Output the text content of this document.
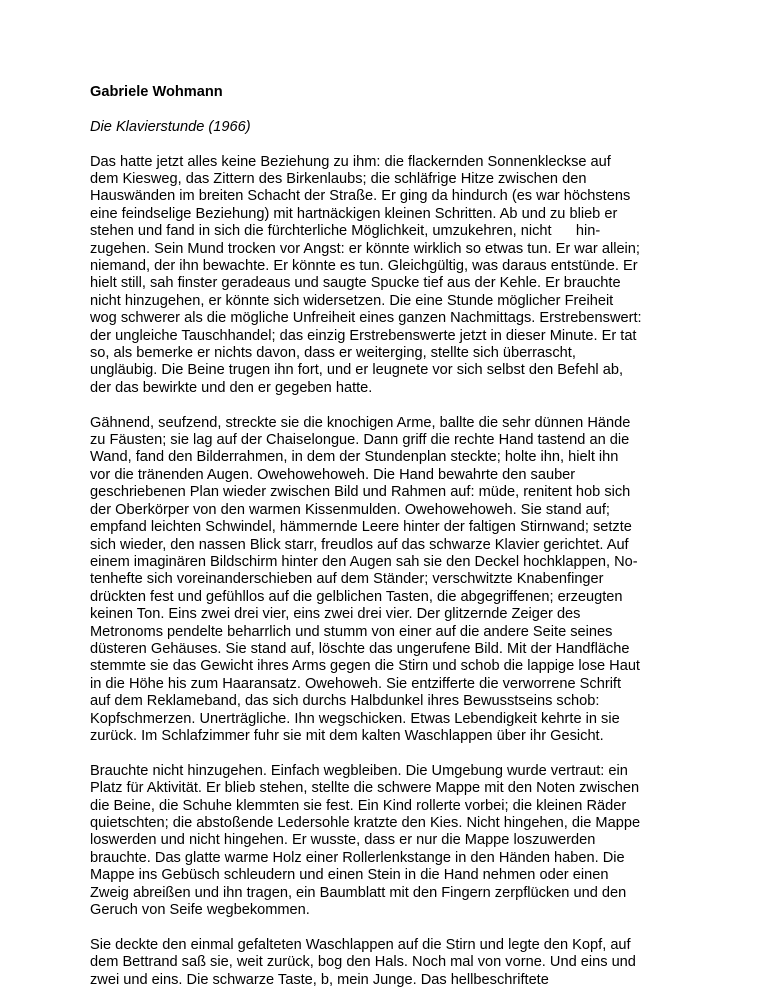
Gabriele Wohmann
Die Klavierstunde (1966)
Das hatte jetzt alles keine Beziehung zu ihm: die flackernden Sonnenkleckse auf
dem Kiesweg, das Zittern des Birkenlaubs; die schläfrige Hitze zwischen den
Hauswänden im breiten Schacht der Straße. Er ging da hindurch (es war höchstens
eine feindselige Beziehung) mit hartnäckigen kleinen Schritten. Ab und zu blieb er
stehen und fand in sich die fürchterliche Möglichkeit, umzukehren, nicht      hin-
zugehen. Sein Mund trocken vor Angst: er könnte wirklich so etwas tun. Er war allein;
niemand, der ihn bewachte. Er könnte es tun. Gleichgültig, was daraus entstünde. Er
hielt still, sah finster geradeaus und saugte Spucke tief aus der Kehle. Er brauchte
nicht hinzugehen, er könnte sich widersetzen. Die eine Stunde möglicher Freiheit
wog schwerer als die mögliche Unfreiheit eines ganzen Nachmittags. Erstrebenswert:
der ungleiche Tauschhandel; das einzig Erstrebenswerte jetzt in dieser Minute. Er tat
so, als bemerke er nichts davon, dass er weiterging, stellte sich überrascht,
ungläubig. Die Beine trugen ihn fort, und er leugnete vor sich selbst den Befehl ab,
der das bewirkte und den er gegeben hatte.
Gähnend, seufzend, streckte sie die knochigen Arme, ballte die sehr dünnen Hände
zu Fäusten; sie lag auf der Chaiselongue. Dann griff die rechte Hand tastend an die
Wand, fand den Bilderrahmen, in dem der Stundenplan steckte; holte ihn, hielt ihn
vor die tränenden Augen. Owehowehoweh. Die Hand bewahrte den sauber
geschriebenen Plan wieder zwischen Bild und Rahmen auf: müde, renitent hob sich
der Oberkörper von den warmen Kissenmulden. Owehowehoweh. Sie stand auf;
empfand leichten Schwindel, hämmernde Leere hinter der faltigen Stirnwand; setzte
sich wieder, den nassen Blick starr, freudlos auf das schwarze Klavier gerichtet. Auf
einem imaginären Bildschirm hinter den Augen sah sie den Deckel hochklappen, No-
tenhefte sich voreinanderschieben auf dem Ständer; verschwitzte Knabenfinger
drückten fest und gefühllos auf die gelblichen Tasten, die abgegriffenen; erzeugten
keinen Ton. Eins zwei drei vier, eins zwei drei vier. Der glitzernde Zeiger des
Metronoms pendelte beharrlich und stumm von einer auf die andere Seite seines
düsteren Gehäuses. Sie stand auf, löschte das ungerufene Bild. Mit der Handfläche
stemmte sie das Gewicht ihres Arms gegen die Stirn und schob die lappige lose Haut
in die Höhe his zum Haaransatz. Owehoweh. Sie entzifferte die verworrene Schrift
auf dem Reklameband, das sich durchs Halbdunkel ihres Bewusstseins schob:
Kopfschmerzen. Unerträgliche. Ihn wegschicken. Etwas Lebendigkeit kehrte in sie
zurück. Im Schlafzimmer fuhr sie mit dem kalten Waschlappen über ihr Gesicht.
Brauchte nicht hinzugehen. Einfach wegbleiben. Die Umgebung wurde vertraut: ein
Platz für Aktivität. Er blieb stehen, stellte die schwere Mappe mit den Noten zwischen
die Beine, die Schuhe klemmten sie fest. Ein Kind rollerte vorbei; die kleinen Räder
quietschten; die abstoßende Ledersohle kratzte den Kies. Nicht hingehen, die Mappe
loswerden und nicht hingehen. Er wusste, dass er nur die Mappe loszuwerden
brauchte. Das glatte warme Holz einer Rollerlenkstange in den Händen haben. Die
Mappe ins Gebüsch schleudern und einen Stein in die Hand nehmen oder einen
Zweig abreißen und ihn tragen, ein Baumblatt mit den Fingern zerpflücken und den
Geruch von Seife wegbekommen.
Sie deckte den einmal gefalteten Waschlappen auf die Stirn und legte den Kopf, auf
dem Bettrand saß sie, weit zurück, bog den Hals. Noch mal von vorne. Und eins und
zwei und eins. Die schwarze Taste, b, mein Junge. Das hellbeschriftete
